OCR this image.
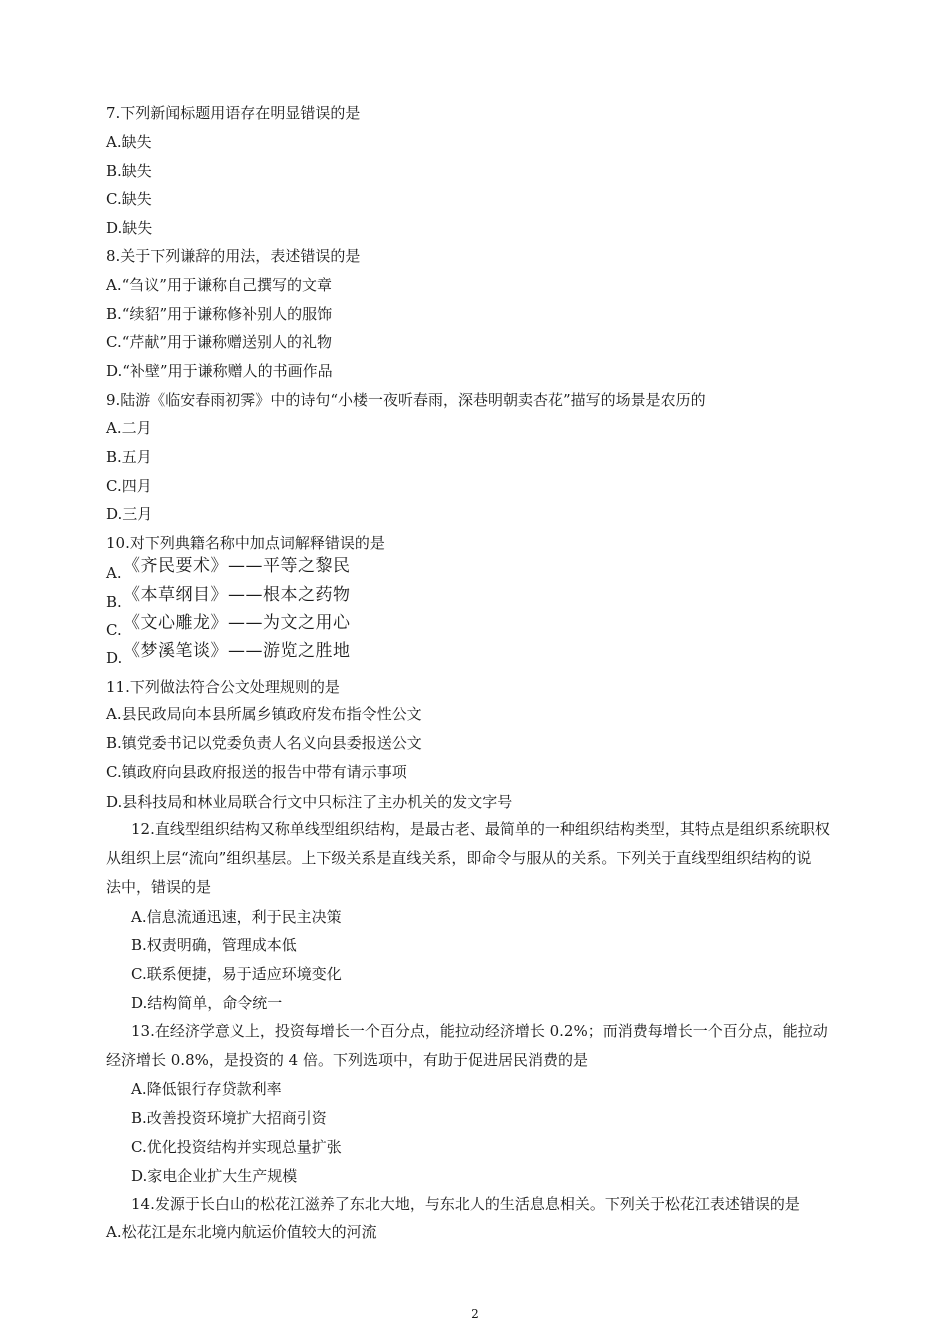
7.下列新闻标题用语存在明显错误的是
A.缺失
B.缺失
C.缺失
D.缺失
8.关于下列谦辞的用法，表述错误的是
A.“刍议”用于谦称自己撰写的文章
B.“续貂”用于谦称修补别人的服饰
C.“芹献”用于谦称赠送别人的礼物
D.“补壁”用于谦称赠人的书画作品
9.陆游《临安春雨初霁》中的诗句“小楼一夜听春雨，深巷明朝卖杏花”描写的场景是农历的
A.二月
B.五月
C.四月
D.三月
10.对下列典籍名称中加点词解释错误的是
A. 《齐民要术》——平等之黎民
B. 《本草纲目》——根本之药物
C. 《文心雕龙》——为文之用心
D. 《梦溪笔谈》——游览之胜地
11.下列做法符合公文处理规则的是
A.县民政局向本县所属乡镇政府发布指令性公文
B.镇党委书记以党委负责人名义向县委报送公文
C.镇政府向县政府报送的报告中带有请示事项
D.县科技局和林业局联合行文中只标注了主办机关的发文字号
12.直线型组织结构又称单线型组织结构，是最古老、最简单的一种组织结构类型，其特点是组织系统职权
从组织上层“流向”组织基层。上下级关系是直线关系，即命令与服从的关系。下列关于直线型组织结构的说
法中，错误的是
A.信息流通迅速，利于民主决策
B.权责明确，管理成本低
C.联系便捷，易于适应环境变化
D.结构简单，命令统一
13.在经济学意义上，投资每增长一个百分点，能拉动经济增长 0.2%；而消费每增长一个百分点，能拉动
经济增长 0.8%，是投资的 4 倍。下列选项中，有助于促进居民消费的是
A.降低银行存贷款利率
B.改善投资环境扩大招商引资
C.优化投资结构并实现总量扩张
D.家电企业扩大生产规模
14.发源于长白山的松花江滋养了东北大地，与东北人的生活息息相关。下列关于松花江表述错误的是
A.松花江是东北境内航运价值较大的河流
2
